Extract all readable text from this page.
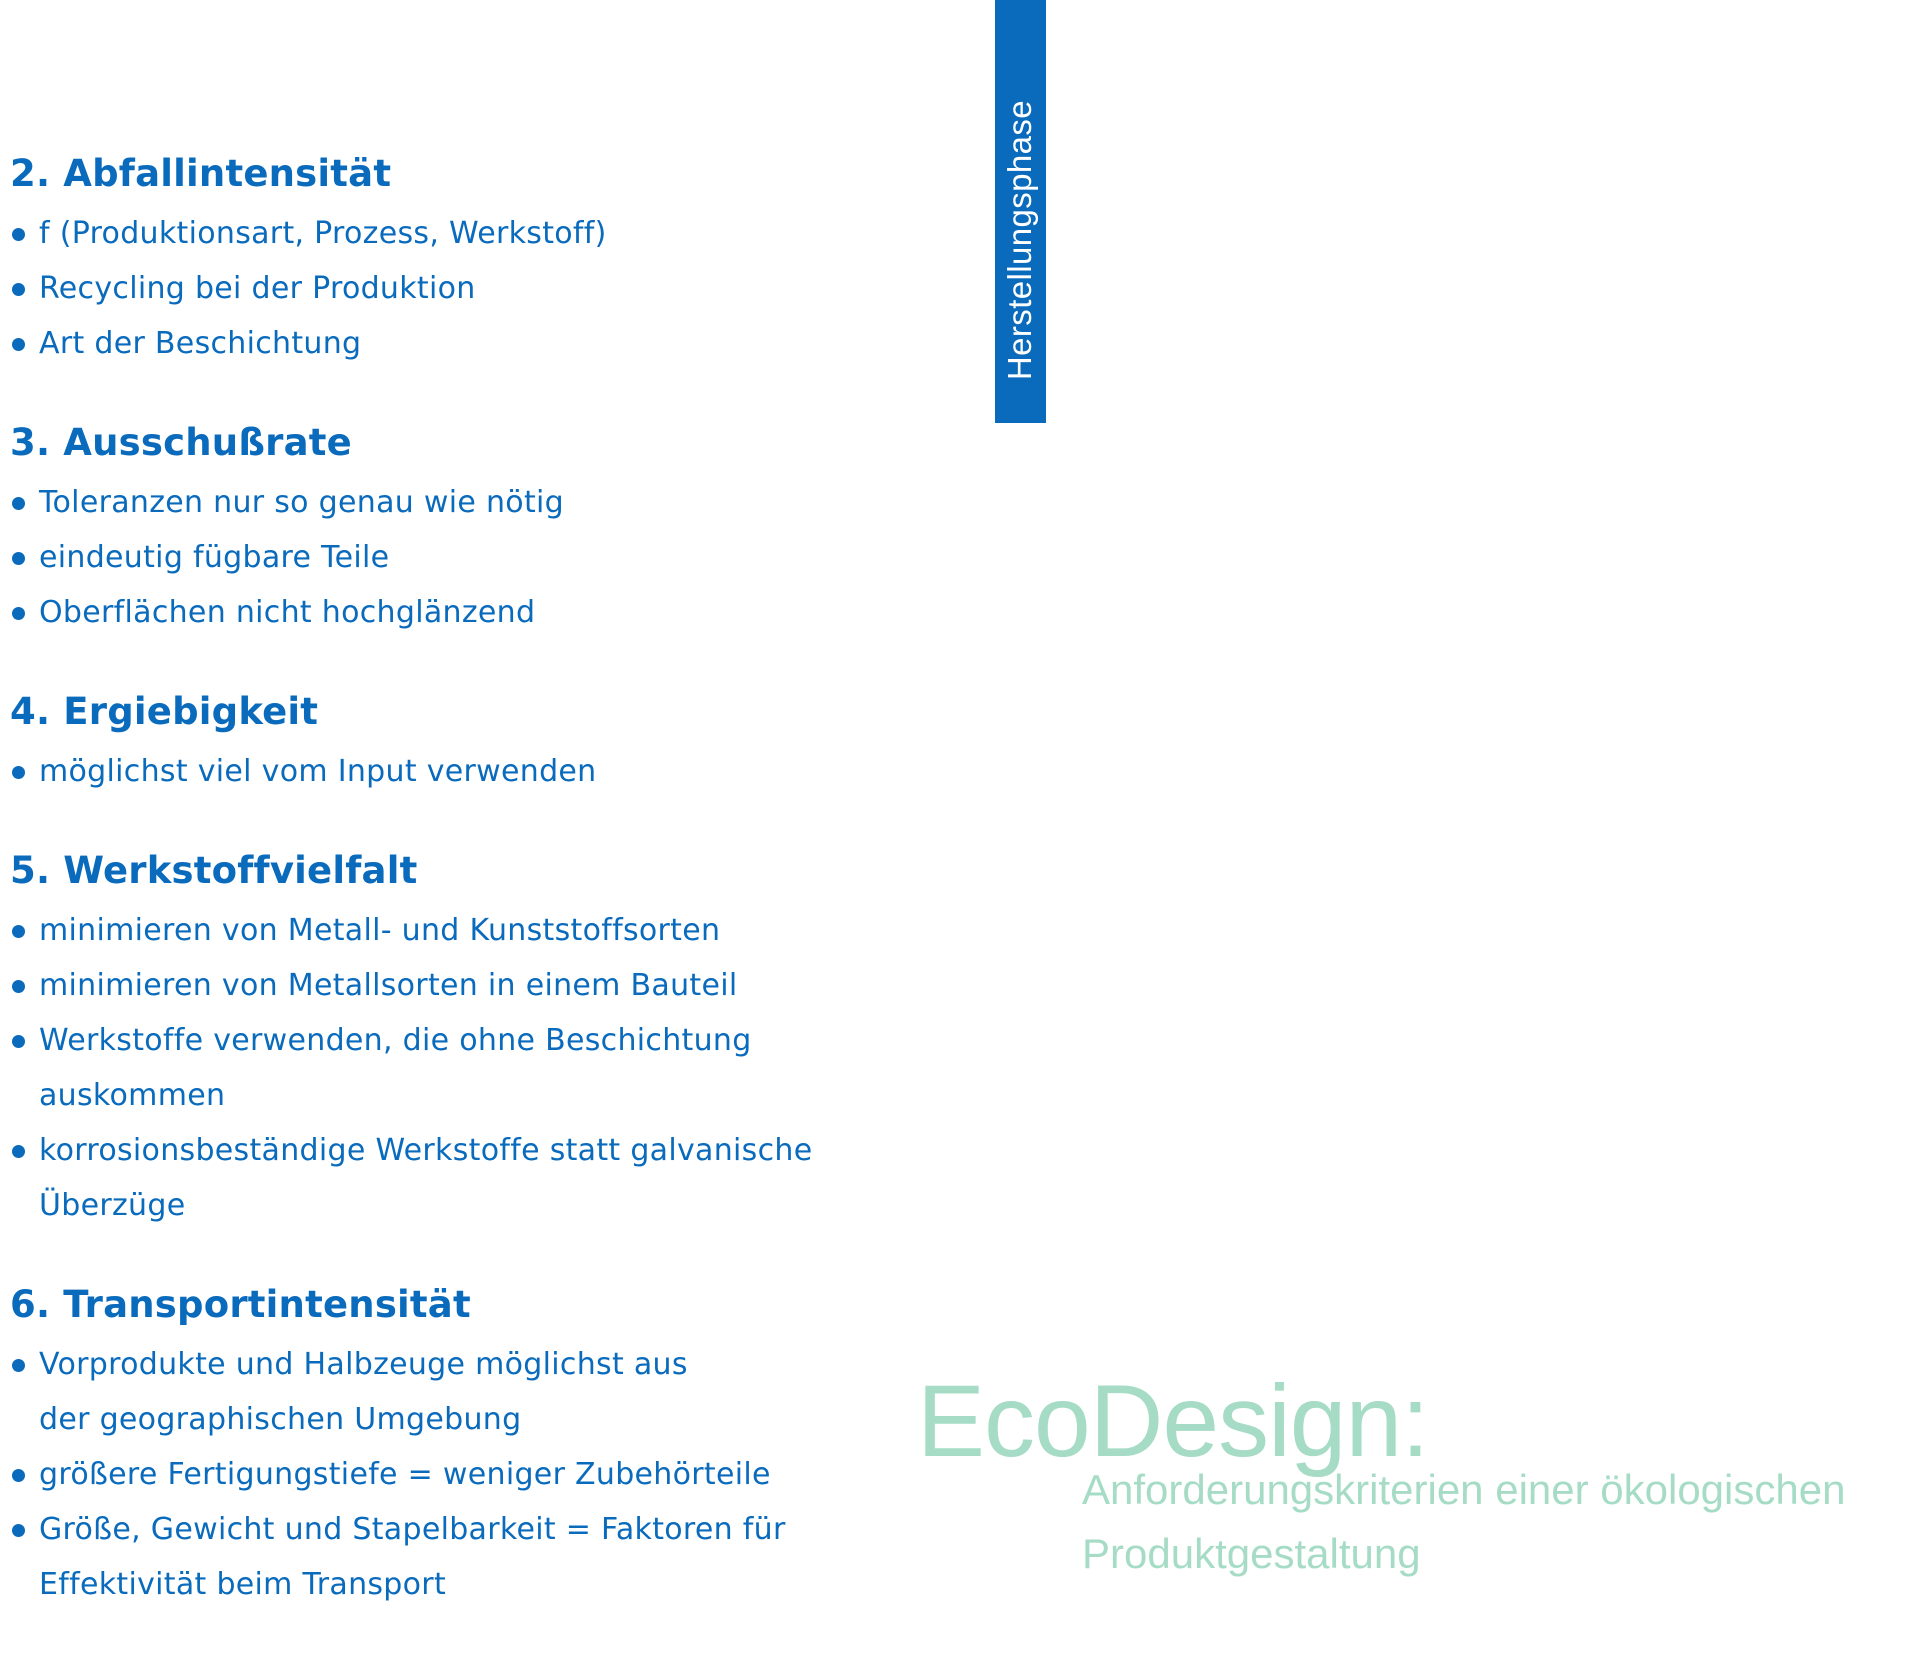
Herstellungsphase
2. Abfallintensität
f (Produktionsart, Prozess, Werkstoff)
Recycling bei der Produktion
Art der Beschichtung
3. Ausschußrate
Toleranzen nur so genau wie nötig
eindeutig fügbare Teile
Oberflächen nicht hochglänzend
4. Ergiebigkeit
möglichst viel vom Input verwenden
5. Werkstoffvielfalt
minimieren von Metall- und Kunststoffsorten
minimieren von Metallsorten in einem Bauteil
Werkstoffe verwenden, die ohne Beschichtung auskommen
korrosionsbeständige Werkstoffe statt galvanische Überzüge
6. Transportintensität
Vorprodukte und Halbzeuge möglichst aus der geographischen Umgebung
größere Fertigungstiefe = weniger Zubehörteile
Größe, Gewicht und Stapelbarkeit = Faktoren für Effektivität beim Transport
EcoDesign:

Anforderungskriterien einer ökologischen Produktgestaltung
